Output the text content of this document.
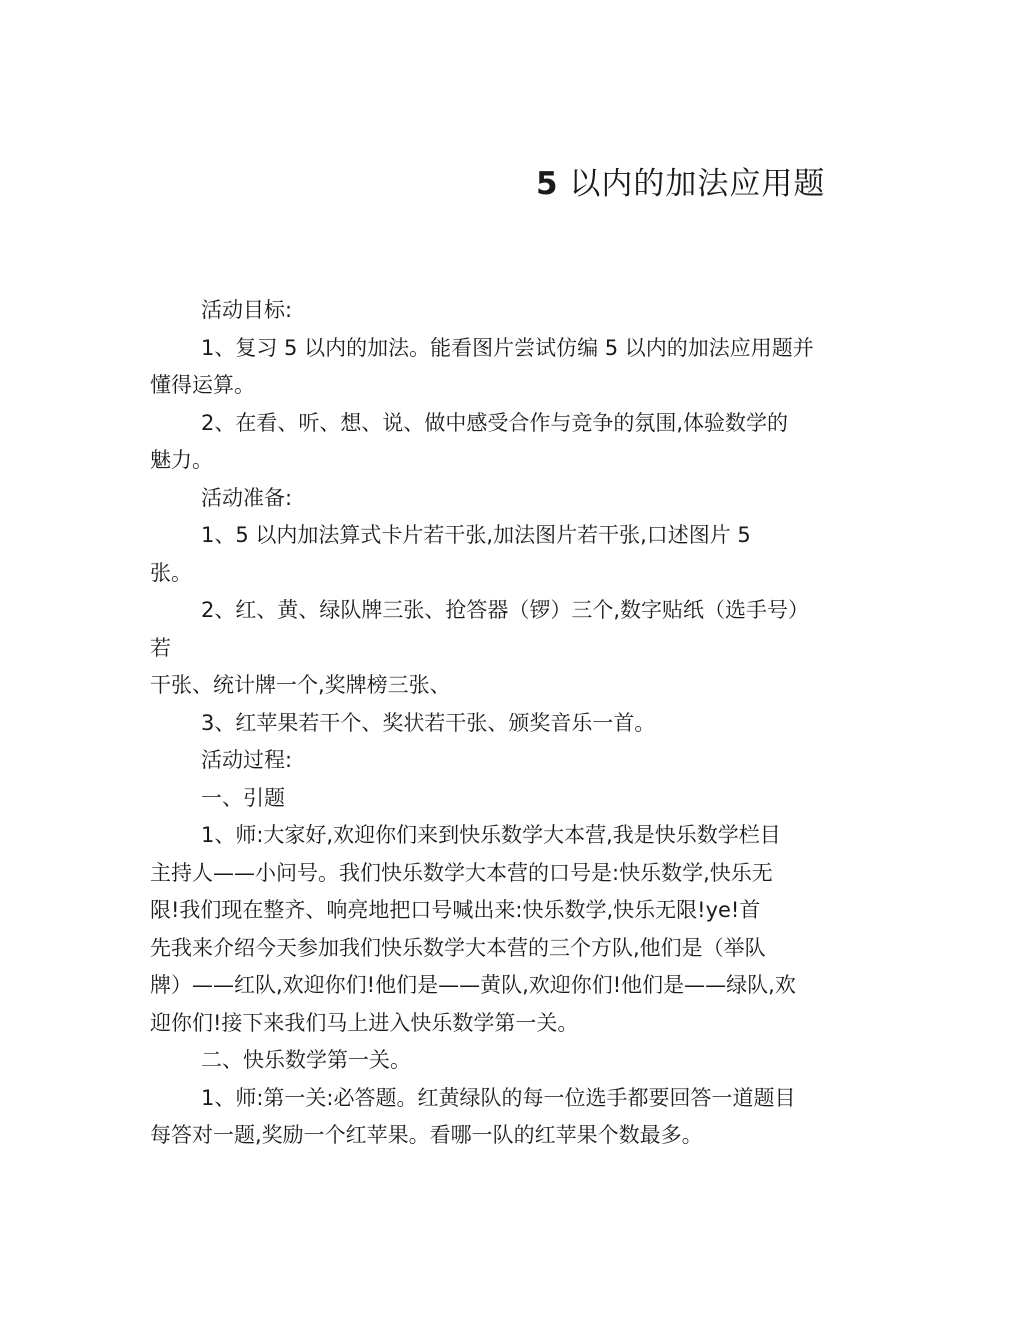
5 以内的加法应用题
活动目标:
1、复习 5 以内的加法。能看图片尝试仿编 5 以内的加法应用题并
懂得运算。
2、在看、听、想、说、做中感受合作与竞争的氛围,体验数学的
魅力。
活动准备:
1、5 以内加法算式卡片若干张,加法图片若干张,口述图片 5
张。
2、红、黄、绿队牌三张、抢答器（锣）三个,数字贴纸（选手号）
若
干张、统计牌一个,奖牌榜三张、
3、红苹果若干个、奖状若干张、颁奖音乐一首。
活动过程:
一、引题
1、师:大家好,欢迎你们来到快乐数学大本营,我是快乐数学栏目
主持人——小问号。我们快乐数学大本营的口号是:快乐数学,快乐无
限!我们现在整齐、响亮地把口号喊出来:快乐数学,快乐无限!ye!首
先我来介绍今天参加我们快乐数学大本营的三个方队,他们是（举队
牌）——红队,欢迎你们!他们是——黄队,欢迎你们!他们是——绿队,欢
迎你们!接下来我们马上进入快乐数学第一关。
二、快乐数学第一关。
1、师:第一关:必答题。红黄绿队的每一位选手都要回答一道题目
每答对一题,奖励一个红苹果。看哪一队的红苹果个数最多。
